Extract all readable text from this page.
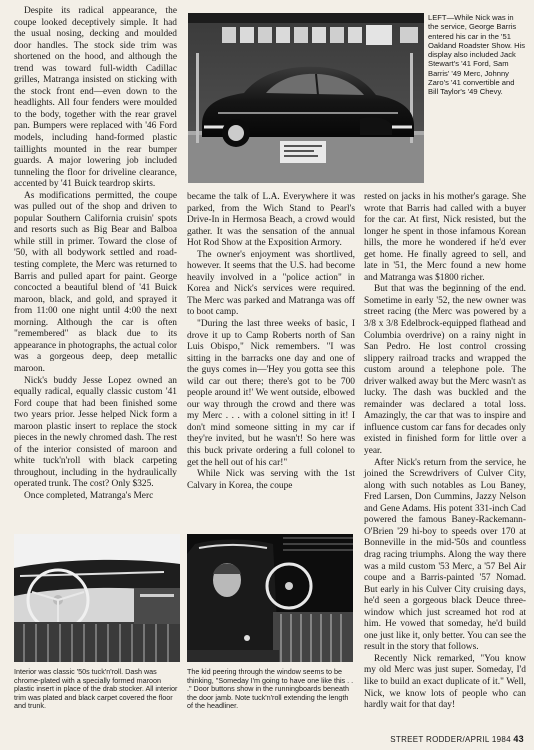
LEFT—While Nick was in the service, George Barris entered his car in the '51 Oakland Roadster Show. His display also included Jack Stewart's '41 Ford, Sam Barris' '49 Merc, Johnny Zaro's '41 convertible and Bill Taylor's '49 Chevy.

Despite its radical appearance, the coupe looked deceptively simple. It had the usual nosing, decking and moulded door handles. The stock side trim was shortened on the hood, and although the trend was toward full-width Cadillac grilles, Matranga insisted on sticking with the stock front end—even down to the headlights. All four fenders were moulded to the body, together with the rear gravel pan. Bumpers were replaced with '46 Ford models, including hand-formed plastic taillights mounted in the rear bumper guards. A major lowering job included tunneling the floor for driveline clearance, accented by '41 Buick teardrop skirts.

As modifications permitted, the coupe was pulled out of the shop and driven to popular Southern California cruisin' spots and resorts such as Big Bear and Balboa while still in primer. Toward the close of '50, with all bodywork settled and road-testing complete, the Merc was returned to Barris and pulled apart for paint. George concocted a beautiful blend of '41 Buick maroon, black, and gold, and sprayed it from 11:00 one night until 4:00 the next morning. Although the car is often "remembered" as black due to its appearance in photographs, the actual color was a gorgeous deep, deep metallic maroon.

Nick's buddy Jesse Lopez owned an equally radical, equally classic custom '41 Ford coupe that had been finished some two years prior. Jesse helped Nick form a maroon plastic insert to replace the stock pieces in the newly chromed dash. The rest of the interior consisted of maroon and white tuck'n'roll with black carpeting throughout, including in the hydraulically operated trunk. The cost? Only $325.

Once completed, Matranga's Merc

became the talk of L.A. Everywhere it was parked, from the Wich Stand to Pearl's Drive-In in Hermosa Beach, a crowd would gather. It was the sensation of the annual Hot Rod Show at the Exposition Armory.

The owner's enjoyment was shortlived, however. It seems that the U.S. had become heavily involved in a "police action" in Korea and Nick's services were required. The Merc was parked and Matranga was off to boot camp.

"During the last three weeks of basic, I drove it up to Camp Roberts north of San Luis Obispo," Nick remembers. "I was sitting in the barracks one day and one of the guys comes in—'Hey you gotta see this wild car out there; there's got to be 700 people around it!' We went outside, elbowed our way through the crowd and there was my Merc . . . with a colonel sitting in it! I don't mind someone sitting in my car if they're invited, but he wasn't! So here was this buck private ordering a full colonel to get the hell out of his car!"

While Nick was serving with the 1st Calvary in Korea, the coupe

rested on jacks in his mother's garage. She wrote that Barris had called with a buyer for the car. At first, Nick resisted, but the longer he spent in those infamous Korean hills, the more he wondered if he'd ever get home. He finally agreed to sell, and late in '51, the Merc found a new home and Matranga was $1800 richer.

But that was the beginning of the end. Sometime in early '52, the new owner was street racing (the Merc was powered by a 3/8 x 3/8 Edelbrock-equipped flathead and Columbia overdrive) on a rainy night in San Pedro. He lost control crossing slippery railroad tracks and wrapped the custom around a telephone pole. The driver walked away but the Merc wasn't as lucky. The dash was buckled and the remainder was declared a total loss. Amazingly, the car that was to inspire and influence custom car fans for decades only existed in finished form for little over a year.

After Nick's return from the service, he joined the Screwdrivers of Culver City, along with such notables as Lou Baney, Fred Larsen, Don Cummins, Jazzy Nelson and Gene Adams. His potent 331-inch Cad powered the famous Baney-Rackemann-O'Brien '29 hi-boy to speeds over 170 at Bonneville in the mid-'50s and countless drag racing triumphs. Along the way there was a mild custom '53 Merc, a '57 Bel Air coupe and a Barris-painted '57 Nomad. But early in his Culver City cruising days, he'd seen a gorgeous black Deuce three-window which just screamed hot rod at him. He vowed that someday, he'd build one just like it, only better. You can see the result in the story that follows.

Recently Nick remarked, "You know my old Merc was just super. Someday, I'd like to build an exact duplicate of it." Well, Nick, we know lots of people who can hardly wait for that day!

Interior was classic '50s tuck'n'roll. Dash was chrome-plated with a specially formed maroon plastic insert in place of the drab stocker. All interior trim was plated and black carpet covered the floor and trunk.
The kid peering through the window seems to be thinking, "Someday I'm going to have one like this . . ." Door buttons show in the runningboards beneath the door jamb. Note tuck'n'roll extending the length of the headliner.
STREET RODDER/APRIL 1984 43
